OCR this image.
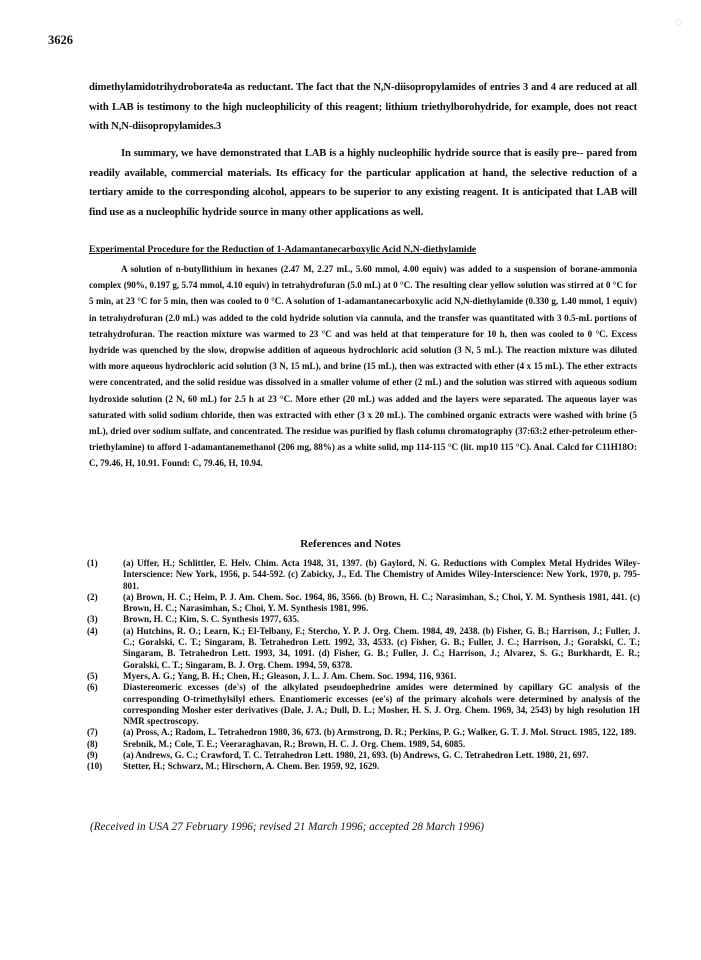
3626
dimethylamidotrihydroborate4a as reductant. The fact that the N,N-diisopropylamides of entries 3 and 4 are reduced at all with LAB is testimony to the high nucleophilicity of this reagent; lithium triethylborohydride, for example, does not react with N,N-diisopropylamides.3
In summary, we have demonstrated that LAB is a highly nucleophilic hydride source that is easily pre-- pared from readily available, commercial materials. Its efficacy for the particular application at hand, the selective reduction of a tertiary amide to the corresponding alcohol, appears to be superior to any existing reagent. It is anticipated that LAB will find use as a nucleophilic hydride source in many other applications as well.
Experimental Procedure for the Reduction of 1-Adamantanecarboxylic Acid N,N-diethylamide
A solution of n-butyllithium in hexanes (2.47 M, 2.27 mL, 5.60 mmol, 4.00 equiv) was added to a suspension of borane-ammonia complex (90%, 0.197 g, 5.74 mmol, 4.10 equiv) in tetrahydrofuran (5.0 mL) at 0 °C. The resulting clear yellow solution was stirred at 0 °C for 5 min, at 23 °C for 5 min, then was cooled to 0 °C. A solution of 1-adamantanecarboxylic acid N,N-diethylamide (0.330 g, 1.40 mmol, 1 equiv) in tetrahydrofuran (2.0 mL) was added to the cold hydride solution via cannula, and the transfer was quantitated with 3 0.5-mL portions of tetrahydrofuran. The reaction mixture was warmed to 23 °C and was held at that temperature for 10 h, then was cooled to 0 °C. Excess hydride was quenched by the slow, dropwise addition of aqueous hydrochloric acid solution (3 N, 5 mL). The reaction mixture was diluted with more aqueous hydrochloric acid solution (3 N, 15 mL), and brine (15 mL), then was extracted with ether (4 x 15 mL). The ether extracts were concentrated, and the solid residue was dissolved in a smaller volume of ether (2 mL) and the solution was stirred with aqueous sodium hydroxide solution (2 N, 60 mL) for 2.5 h at 23 °C. More ether (20 mL) was added and the layers were separated. The aqueous layer was saturated with solid sodium chloride, then was extracted with ether (3 x 20 mL). The combined organic extracts were washed with brine (5 mL), dried over sodium sulfate, and concentrated. The residue was purified by flash column chromatography (37:63:2 ether-petroleum ether-triethylamine) to afford 1-adamantanemethanol (206 mg, 88%) as a white solid, mp 114-115 °C (lit. mp10 115 °C). Anal. Calcd for C11H18O: C, 79.46, H, 10.91. Found: C, 79.46, H, 10.94.
References and Notes
(1)	(a) Uffer, H.; Schlittler, E. Helv. Chim. Acta 1948, 31, 1397. (b) Gaylord, N. G. Reductions with Complex Metal Hydrides Wiley-Interscience: New York, 1956, p. 544-592. (c) Zabicky, J., Ed. The Chemistry of Amides Wiley-Interscience: New York, 1970, p. 795-801.
(2)	(a) Brown, H. C.; Heim, P. J. Am. Chem. Soc. 1964, 86, 3566. (b) Brown, H. C.; Narasimhan, S.; Choi, Y. M. Synthesis 1981, 441. (c) Brown, H. C.; Narasimhan, S.; Choi, Y. M. Synthesis 1981, 996.
(3)	Brown, H. C.; Kim, S. C. Synthesis 1977, 635.
(4)	(a) Hutchins, R. O.; Learn, K.; El-Telbany, F.; Stercho, Y. P. J. Org. Chem. 1984, 49, 2438. (b) Fisher, G. B.; Harrison, J.; Fuller, J. C.; Goralski, C. T.; Singaram, B. Tetrahedron Lett. 1992, 33, 4533. (c) Fisher, G. B.; Fuller, J. C.; Harrison, J.; Goralski, C. T.; Singaram, B. Tetrahedron Lett. 1993, 34, 1091. (d) Fisher, G. B.; Fuller, J. C.; Harrison, J.; Alvarez, S. G.; Burkhardt, E. R.; Goralski, C. T.; Singaram, B. J. Org. Chem. 1994, 59, 6378.
(5)	Myers, A. G.; Yang, B. H.; Chen, H.; Gleason, J. L. J. Am. Chem. Soc. 1994, 116, 9361.
(6)	Diastereomeric excesses (de's) of the alkylated pseudoephedrine amides were determined by capillary GC analysis of the corresponding O-trimethylsilyl ethers. Enantiomeric excesses (ee's) of the primary alcohols were determined by analysis of the corresponding Mosher ester derivatives (Dale, J. A.; Dull, D. L.; Mosher, H. S. J. Org. Chem. 1969, 34, 2543) by high resolution 1H NMR spectroscopy.
(7)	(a) Pross, A.; Radom, L. Tetrahedron 1980, 36, 673. (b) Armstrong, D. R.; Perkins, P. G.; Walker, G. T. J. Mol. Struct. 1985, 122, 189.
(8)	Srebnik, M.; Cole, T. E.; Veeraraghavan, R.; Brown, H. C. J. Org. Chem. 1989, 54, 6085.
(9)	(a) Andrews, G. C.; Crawford, T. C. Tetrahedron Lett. 1980, 21, 693. (b) Andrews, G. C. Tetrahedron Lett. 1980, 21, 697.
(10)	Stetter, H.; Schwarz, M.; Hirschorn, A. Chem. Ber. 1959, 92, 1629.
(Received in USA 27 February 1996; revised 21 March 1996; accepted 28 March 1996)
